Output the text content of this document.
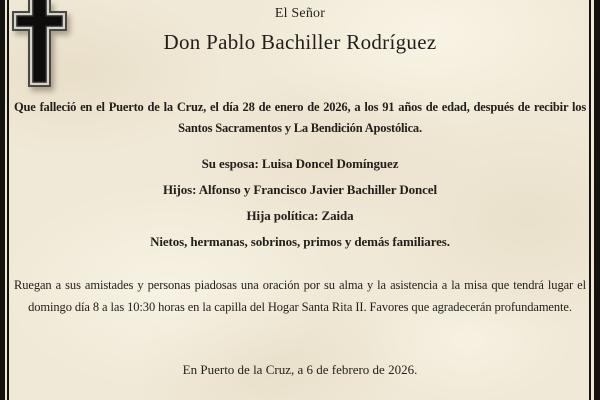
El Señor
Don Pablo Bachiller Rodríguez

Que falleció en el Puerto de la Cruz, el día 28 de enero de 2026, a los 91 años de edad, después de recibir los Santos Sacramentos y La Bendición Apostólica.

Su esposa: Luisa Doncel Domínguez
Hijos: Alfonso y Francisco Javier Bachiller Doncel
Hija política: Zaida
Nietos, hermanas, sobrinos, primos y demás familiares.

Ruegan a sus amistades y personas piadosas una oración por su alma y la asistencia a la misa que tendrá lugar el domingo día 8 a las 10:30 horas en la capilla del Hogar Santa Rita II. Favores que agradecerán profundamente.

En Puerto de la Cruz, a 6 de febrero de 2026.
